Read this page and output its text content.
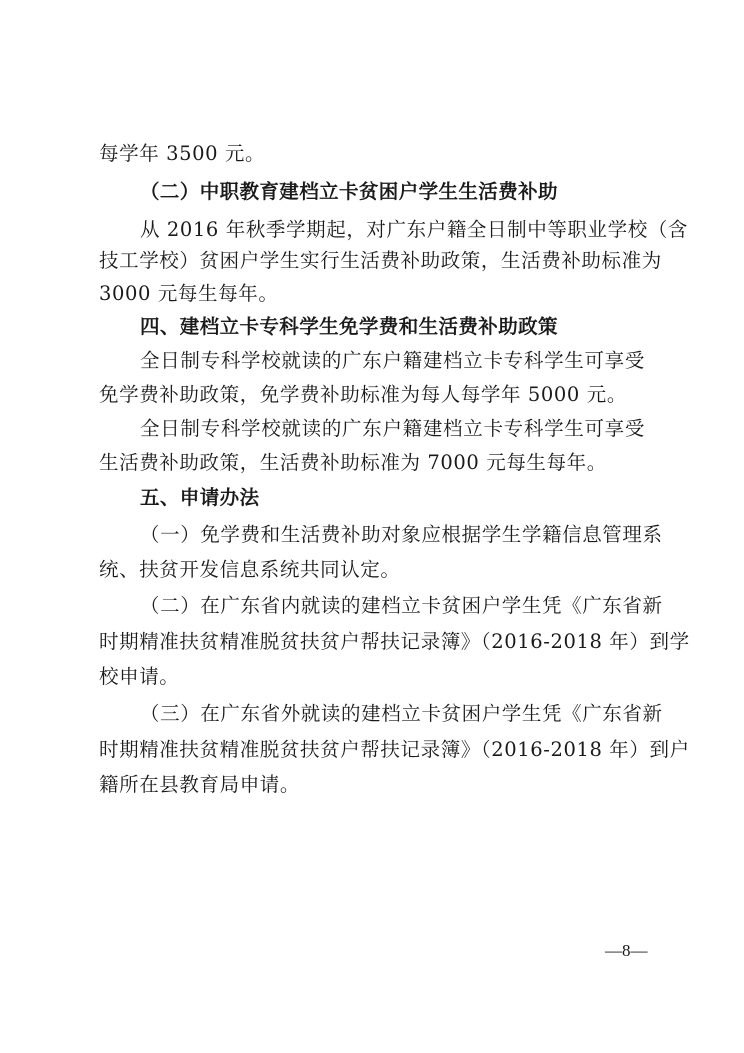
每学年 3500 元。
（二）中职教育建档立卡贫困户学生生活费补助
从 2016 年秋季学期起，对广东户籍全日制中等职业学校（含
技工学校）贫困户学生实行生活费补助政策，生活费补助标准为
3000 元每生每年。
四、建档立卡专科学生免学费和生活费补助政策
全日制专科学校就读的广东户籍建档立卡专科学生可享受
免学费补助政策，免学费补助标准为每人每学年 5000 元。
全日制专科学校就读的广东户籍建档立卡专科学生可享受
生活费补助政策，生活费补助标准为 7000 元每生每年。
五、申请办法
（一）免学费和生活费补助对象应根据学生学籍信息管理系
统、扶贫开发信息系统共同认定。
（二）在广东省内就读的建档立卡贫困户学生凭《广东省新
时期精准扶贫精准脱贫扶贫户帮扶记录簿》（2016-2018 年）到学
校申请。
（三）在广东省外就读的建档立卡贫困户学生凭《广东省新
时期精准扶贫精准脱贫扶贫户帮扶记录簿》（2016-2018 年）到户
籍所在县教育局申请。
—8—
